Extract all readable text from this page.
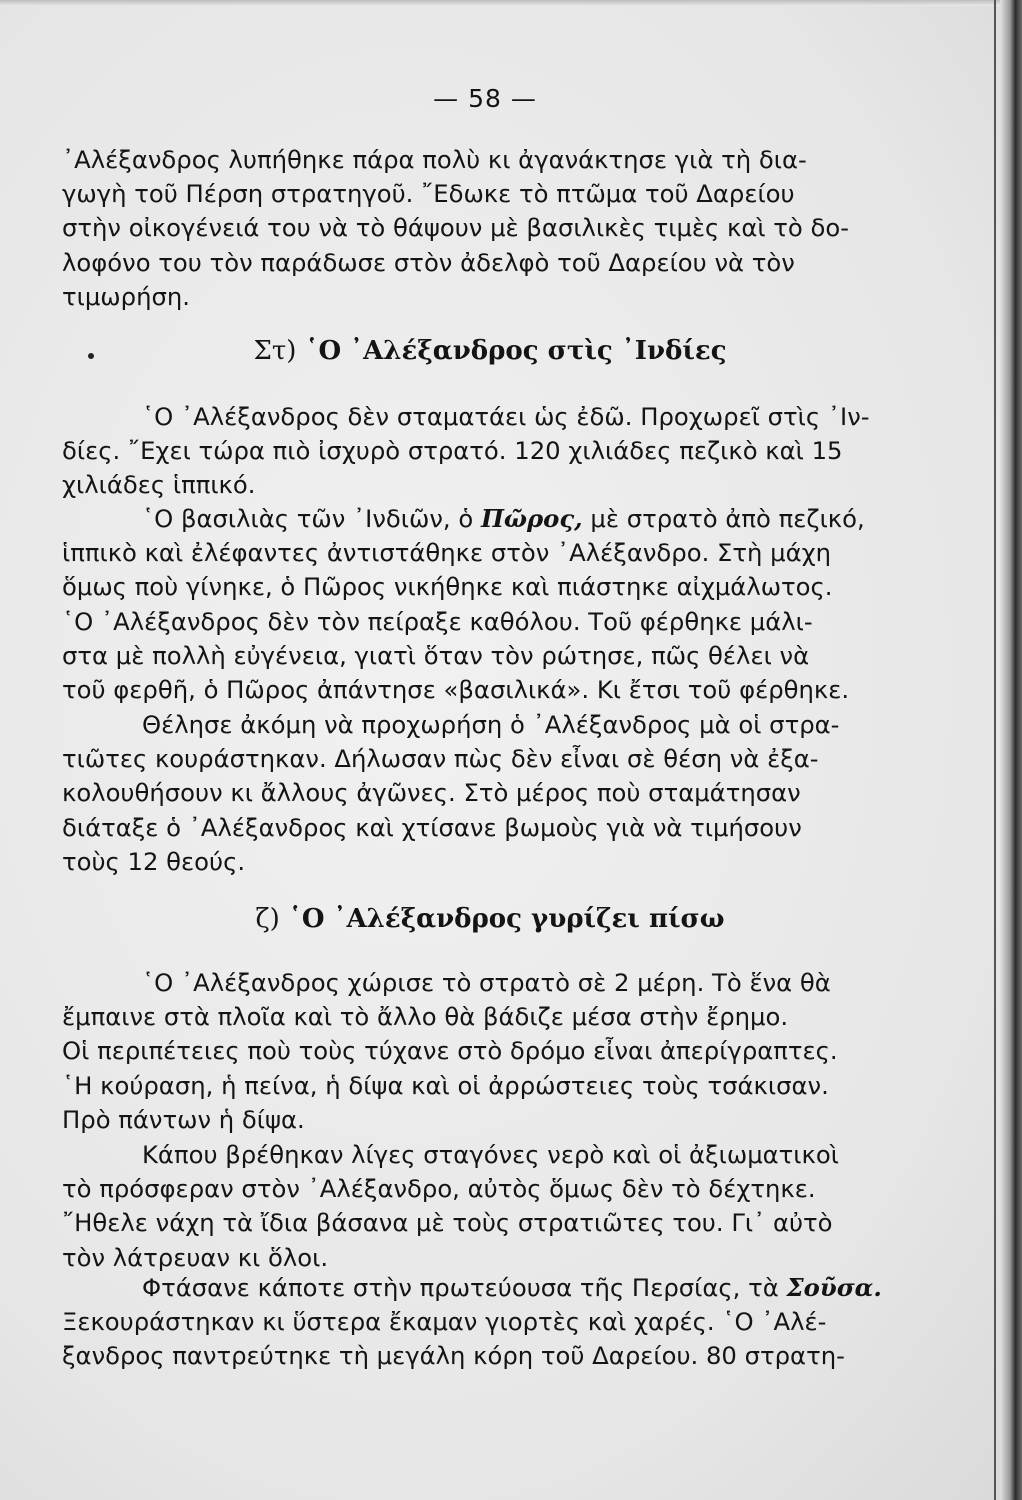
— 58 —

᾿Αλέξανδρος λυπήθηκε πάρα πολὺ κι ἀγανάκτησε γιὰ τὴ δια-

γωγὴ τοῦ Πέρση στρατηγοῦ. ῎Εδωκε τὸ πτῶμα τοῦ Δαρείου

στὴν οἰκογένειά του νὰ τὸ θάψουν μὲ βασιλικὲς τιμὲς καὶ τὸ δο-

λοφόνο του τὸν παράδωσε στὸν ἀδελφὸ τοῦ Δαρείου νὰ τὸν

τιμωρήση.

Στ) ῾Ο ᾿Αλέξανδρος στὶς ᾿Ινδίες

῾Ο ᾿Αλέξανδρος δὲν σταματάει ὡς ἐδῶ. Προχωρεῖ στὶς ᾿Ιν-

δίες. ῎Εχει τώρα πιὸ ἰσχυρὸ στρατό. 120 χιλιάδες πεζικὸ καὶ 15

χιλιάδες ἱππικό.

῾Ο βασιλιὰς τῶν ᾿Ινδιῶν, ὁ Πῶρος, μὲ στρατὸ ἀπὸ πεζικό,

ἱππικὸ καὶ ἐλέφαντες ἀντιστάθηκε στὸν ᾿Αλέξανδρο. Στὴ μάχη

ὅμως ποὺ γίνηκε, ὁ Πῶρος νικήθηκε καὶ πιάστηκε αἰχμάλωτος.

῾Ο ᾿Αλέξανδρος δὲν τὸν πείραξε καθόλου. Τοῦ φέρθηκε μάλι-

στα μὲ πολλὴ εὐγένεια, γιατὶ ὅταν τὸν ρώτησε, πῶς θέλει νὰ

τοῦ φερθῆ, ὁ Πῶρος ἀπάντησε «βασιλικά». Κι ἔτσι τοῦ φέρθηκε.

Θέλησε ἀκόμη νὰ προχωρήση ὁ ᾿Αλέξανδρος μὰ οἱ στρα-

τιῶτες κουράστηκαν. Δήλωσαν πὼς δὲν εἶναι σὲ θέση νὰ ἐξα-

κολουθήσουν κι ἄλλους ἀγῶνες. Στὸ μέρος ποὺ σταμάτησαν

διάταξε ὁ ᾿Αλέξανδρος καὶ χτίσανε βωμοὺς γιὰ νὰ τιμήσουν

τοὺς 12 θεούς.

ζ) ῾Ο ᾿Αλέξανδρος γυρίζει πίσω

῾Ο ᾿Αλέξανδρος χώρισε τὸ στρατὸ σὲ 2 μέρη. Τὸ ἕνα θὰ

ἔμπαινε στὰ πλοῖα καὶ τὸ ἄλλο θὰ βάδιζε μέσα στὴν ἔρημο.

Οἱ περιπέτειες ποὺ τοὺς τύχανε στὸ δρόμο εἶναι ἀπερίγραπτες.

῾Η κούραση, ἡ πείνα, ἡ δίψα καὶ οἱ ἀρρώστειες τοὺς τσάκισαν.

Πρὸ πάντων ἡ δίψα.

Κάπου βρέθηκαν λίγες σταγόνες νερὸ καὶ οἱ ἀξιωματικοὶ

τὸ πρόσφεραν στὸν ᾿Αλέξανδρο, αὐτὸς ὅμως δὲν τὸ δέχτηκε.

῎Ηθελε νάχη τὰ ἴδια βάσανα μὲ τοὺς στρατιῶτες του. Γι᾿ αὐτὸ

τὸν λάτρευαν κι ὅλοι.

Φτάσανε κάποτε στὴν πρωτεύουσα τῆς Περσίας, τὰ Σοῦσα.

Ξεκουράστηκαν κι ὕστερα ἔκαμαν γιορτὲς καὶ χαρές. ῾Ο ᾿Αλέ-

ξανδρος παντρεύτηκε τὴ μεγάλη κόρη τοῦ Δαρείου. 80 στρατη-
